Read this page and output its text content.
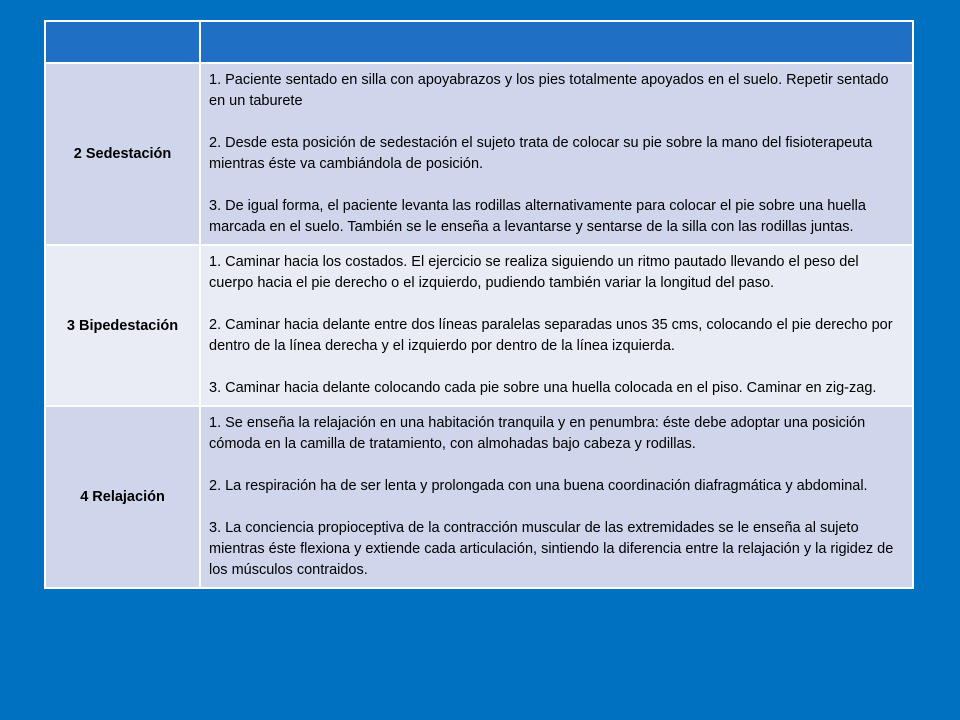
2 Sedestación	1. Paciente sentado en silla con apoyabrazos y los pies totalmente apoyados en el suelo. Repetir sentado en un taburete

2. Desde esta posición de sedestación el sujeto trata de colocar su pie sobre la mano del fisioterapeuta mientras éste va cambiándola de posición.

3. De igual forma, el paciente levanta las rodillas alternativamente para colocar el pie sobre una huella marcada en el suelo. También se le enseña a levantarse y sentarse de la silla con las rodillas juntas.

3 Bipedestación	1. Caminar hacia los costados. El ejercicio se realiza siguiendo un ritmo pautado llevando el peso del cuerpo hacia el pie derecho o el izquierdo, pudiendo también variar la longitud del paso.

2. Caminar hacia delante entre dos líneas paralelas separadas unos 35 cms, colocando el pie derecho por dentro de la línea derecha y el izquierdo por dentro de la línea izquierda.

3. Caminar hacia delante colocando cada pie sobre una huella colocada en el piso. Caminar en zig-zag.

4 Relajación	1. Se enseña la relajación en una habitación tranquila y en penumbra: éste debe adoptar una posición cómoda en la camilla de tratamiento, con almohadas bajo cabeza y rodillas.

2. La respiración ha de ser lenta y prolongada con una buena coordinación diafragmática y abdominal.

3. La conciencia propioceptiva de la contracción muscular de las extremidades se le enseña al sujeto mientras éste flexiona y extiende cada articulación, sintiendo la diferencia entre la relajación y la rigidez de los músculos contraidos.
